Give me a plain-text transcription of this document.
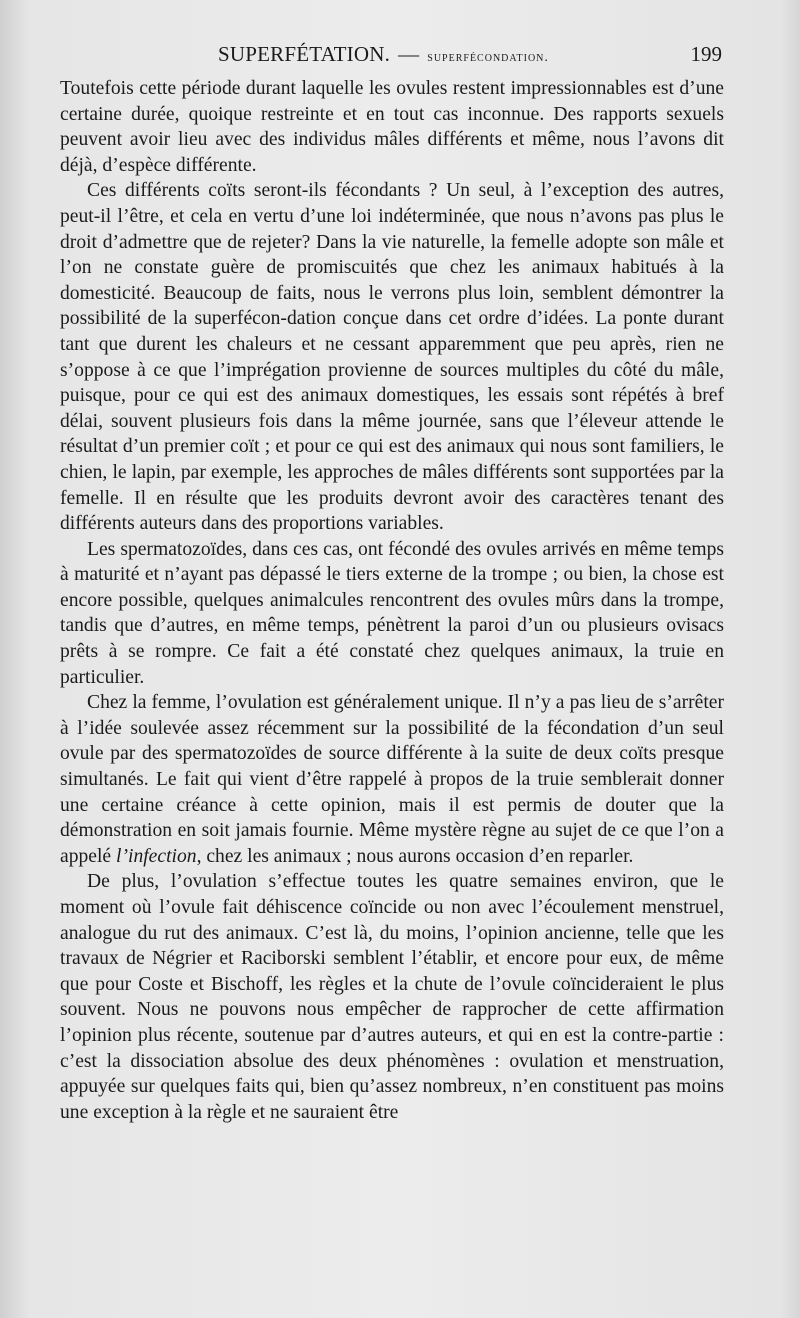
SUPERFÉTATION. — superfécondation.	199

Toutefois cette période durant laquelle les ovules restent impressionnables est d’une certaine durée, quoique restreinte et en tout cas inconnue. Des rapports sexuels peuvent avoir lieu avec des individus mâles différents et même, nous l’avons dit déjà, d’espèce différente.

Ces différents coïts seront-ils fécondants ? Un seul, à l’exception des autres, peut-il l’être, et cela en vertu d’une loi indéterminée, que nous n’avons pas plus le droit d’admettre que de rejeter? Dans la vie naturelle, la femelle adopte son mâle et l’on ne constate guère de promiscuités que chez les animaux habitués à la domesticité. Beaucoup de faits, nous le verrons plus loin, semblent démontrer la possibilité de la superfécon-dation conçue dans cet ordre d’idées. La ponte durant tant que durent les chaleurs et ne cessant apparemment que peu après, rien ne s’oppose à ce que l’imprégation provienne de sources multiples du côté du mâle, puisque, pour ce qui est des animaux domestiques, les essais sont répétés à bref délai, souvent plusieurs fois dans la même journée, sans que l’éleveur attende le résultat d’un premier coït ; et pour ce qui est des animaux qui nous sont familiers, le chien, le lapin, par exemple, les approches de mâles différents sont supportées par la femelle. Il en résulte que les produits devront avoir des caractères tenant des différents auteurs dans des proportions variables.

Les spermatozoïdes, dans ces cas, ont fécondé des ovules arrivés en même temps à maturité et n’ayant pas dépassé le tiers externe de la trompe ; ou bien, la chose est encore possible, quelques animalcules rencontrent des ovules mûrs dans la trompe, tandis que d’autres, en même temps, pénètrent la paroi d’un ou plusieurs ovisacs prêts à se rompre. Ce fait a été constaté chez quelques animaux, la truie en particulier.

Chez la femme, l’ovulation est généralement unique. Il n’y a pas lieu de s’arrêter à l’idée soulevée assez récemment sur la possibilité de la fécondation d’un seul ovule par des spermatozoïdes de source différente à la suite de deux coïts presque simultanés. Le fait qui vient d’être rappelé à propos de la truie semblerait donner une certaine créance à cette opinion, mais il est permis de douter que la démonstration en soit jamais fournie. Même mystère règne au sujet de ce que l’on a appelé l’infection, chez les animaux ; nous aurons occasion d’en reparler.

De plus, l’ovulation s’effectue toutes les quatre semaines environ, que le moment où l’ovule fait déhiscence coïncide ou non avec l’écoulement menstruel, analogue du rut des animaux. C’est là, du moins, l’opinion ancienne, telle que les travaux de Négrier et Raciborski semblent l’établir, et encore pour eux, de même que pour Coste et Bischoff, les règles et la chute de l’ovule coïncideraient le plus souvent. Nous ne pouvons nous empêcher de rapprocher de cette affirmation l’opinion plus récente, soutenue par d’autres auteurs, et qui en est la contre-partie : c’est la dissociation absolue des deux phénomènes : ovulation et menstruation, appuyée sur quelques faits qui, bien qu’assez nombreux, n’en constituent pas moins une exception à la règle et ne sauraient être
